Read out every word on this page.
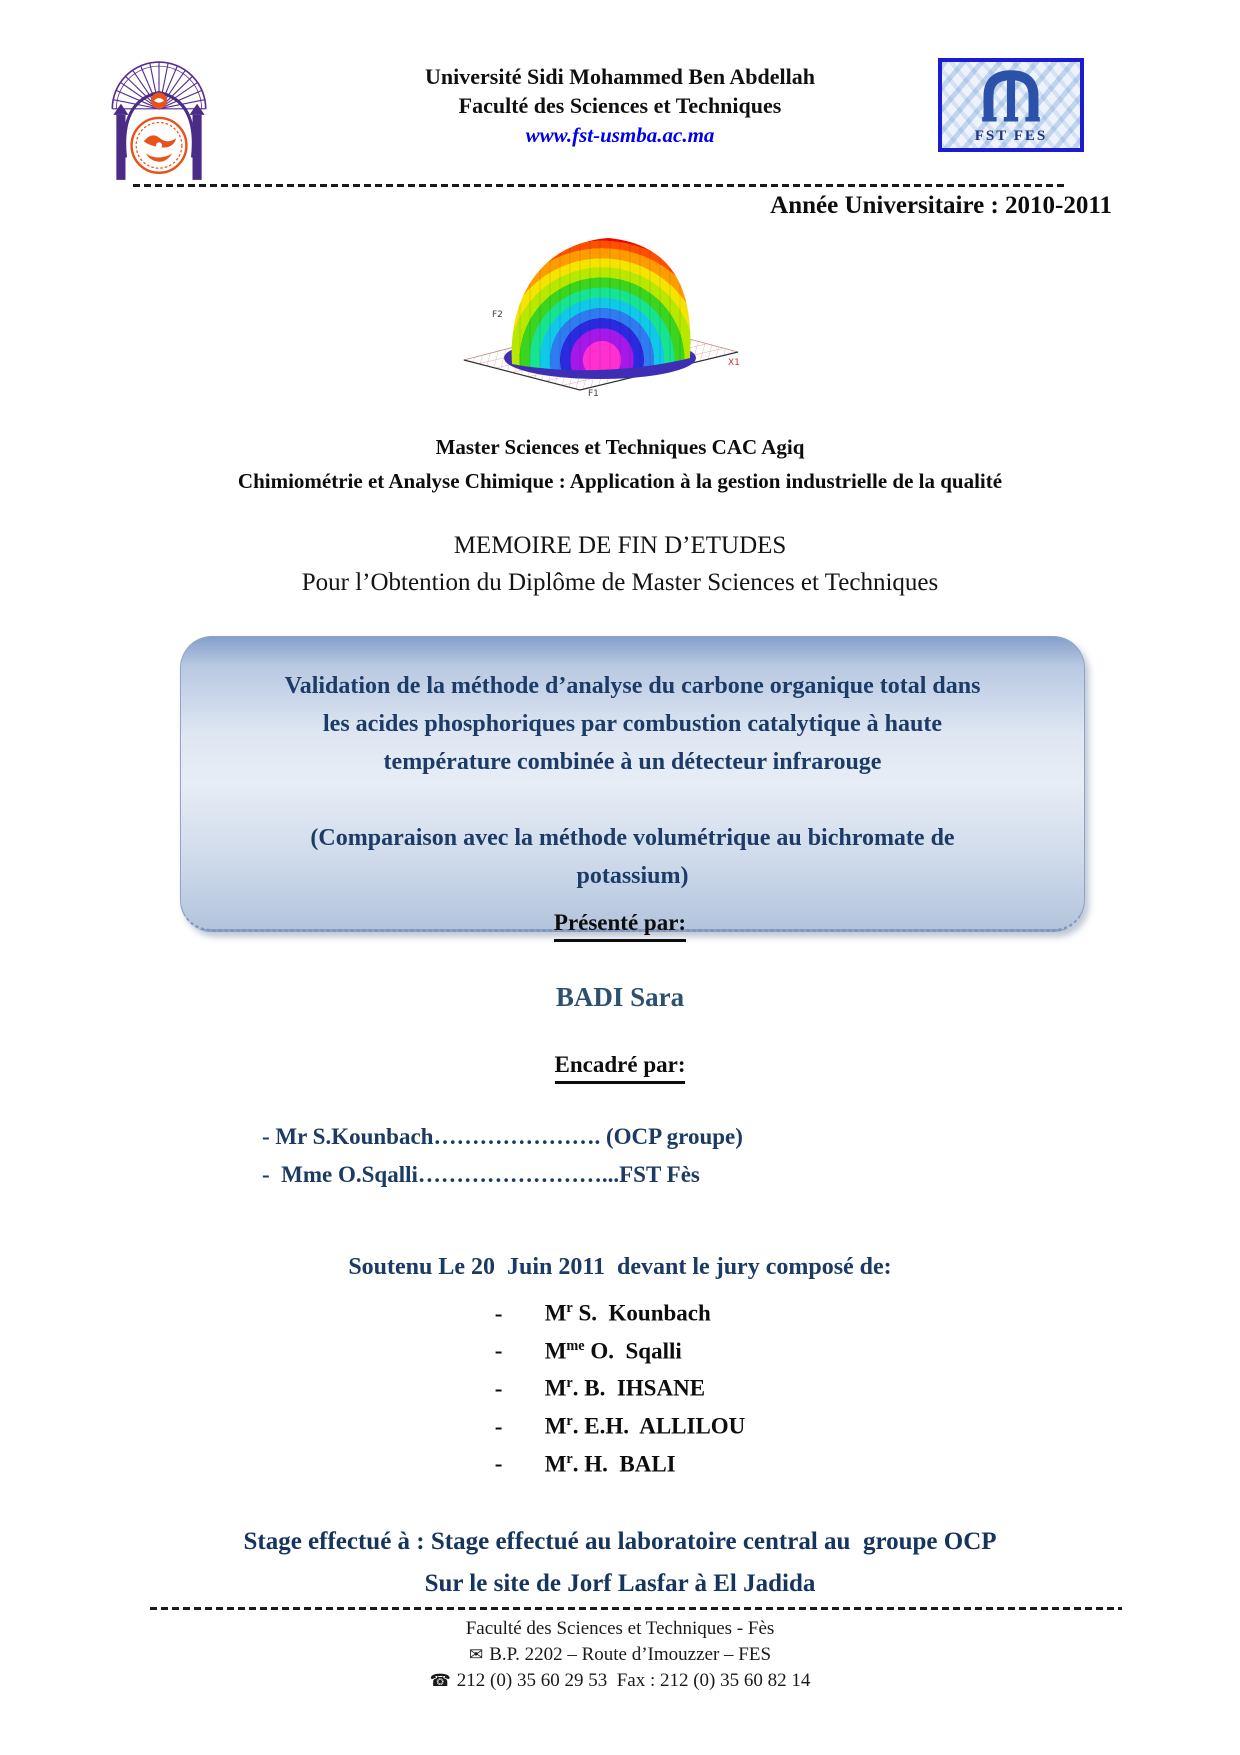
Université Sidi Mohammed Ben Abdellah
Faculté des Sciences et Techniques
www.fst-usmba.ac.ma	FST FES
Année Universitaire : 2010-2011
F2
F1
X1
Master Sciences et Techniques CAC Agiq
Chimiométrie et Analyse Chimique : Application à la gestion industrielle de la qualité
MEMOIRE DE FIN D’ETUDES
Pour l’Obtention du Diplôme de Master Sciences et Techniques
Validation de la méthode d’analyse du carbone organique total dans
les acides phosphoriques par combustion catalytique à haute
température combinée à un détecteur infrarouge
(Comparaison avec la méthode volumétrique au bichromate de
potassium)
Présenté par:
BADI Sara
Encadré par:
- Mr S.Kounbach…………………. (OCP groupe)
-  Mme O.Sqalli……………………...FST Fès
Soutenu Le 20  Juin 2011  devant le jury composé de:
- $M^r$ S.  Kounbach
- $M^{me}$ O.  Sqalli
- $M^r$. B.  IHSANE
- $M^r$. E.H.  ALLILOU
- $M^r$. H.  BALI
Stage effectué à : Stage effectué au laboratoire central au  groupe OCP
Sur le site de Jorf Lasfar à El Jadida
Faculté des Sciences et Techniques - Fès
✉ B.P. 2202 – Route d’Imouzzer – FES
☎ 212 (0) 35 60 29 53  Fax : 212 (0) 35 60 82 14
